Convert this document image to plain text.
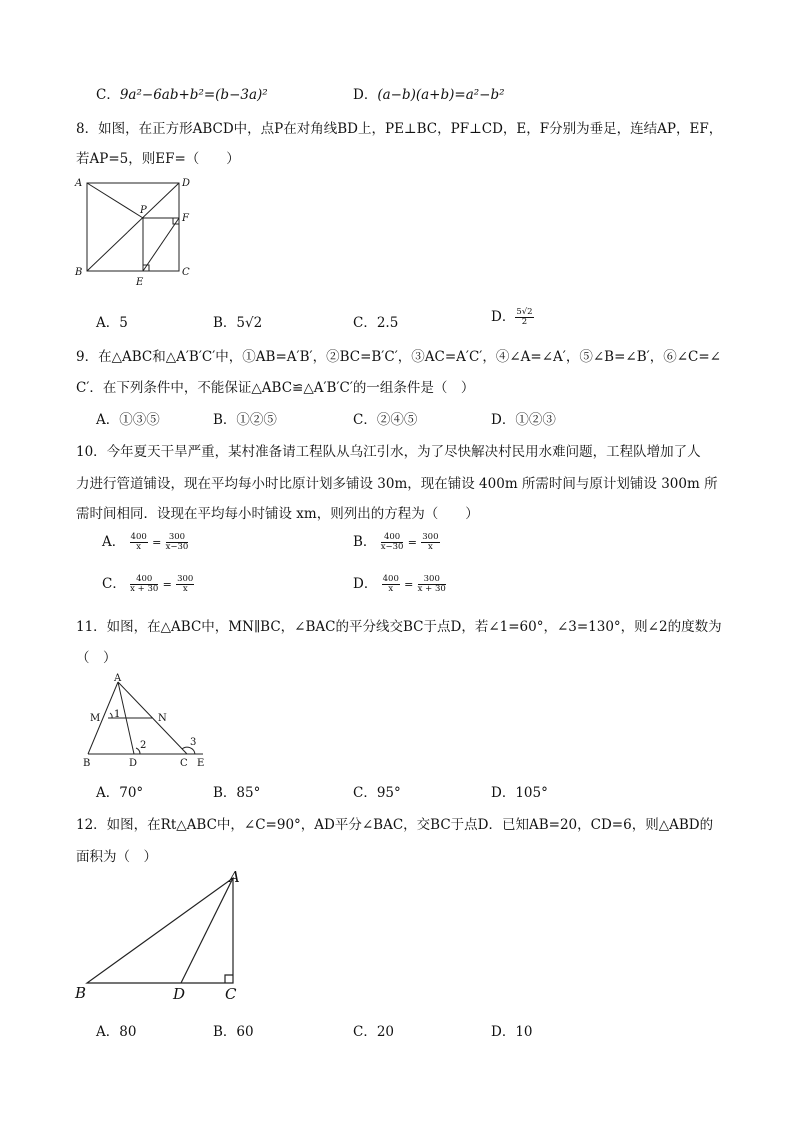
C．9a²−6ab+b²=(b−3a)²	D．(a−b)(a+b)=a²−b²
8．如图，在正方形ABCD中，点P在对角线BD上，PE⊥BC，PF⊥CD，E，F分别为垂足，连结AP，EF，
若AP=5，则EF=（　　）
A	D
P
F
B
E
C
A．5	B．5√2	C．2.5	D． $\frac{5√2}{2}$
9．在△ABC和△A′B′C′中，①AB=A′B′，②BC=B′C′，③AC=A′C′，④∠A=∠A′，⑤∠B=∠B′，⑥∠C=∠
C′．在下列条件中，不能保证△ABC≌△A′B′C′的一组条件是（　）
A．①③⑤	B．①②⑤	C．②④⑤	D．①②③
10．今年夏天干旱严重，某村准备请工程队从乌江引水，为了尽快解决村民用水难问题，工程队增加了人
力进行管道铺设，现在平均每小时比原计划多铺设 30m，现在铺设 400m 所需时间与原计划铺设 300m 所
需时间相同．设现在平均每小时铺设 xm，则列出的方程为（　　）
A． $\frac{400}{x} = \frac{300}{x-30}$	B． $\frac{400}{x-30} = \frac{300}{x}$
C． $\frac{400}{x + 30} = \frac{300}{x}$	D． $\frac{400}{x} = \frac{300}{x + 30}$
11．如图，在△ABC中，MN∥BC，∠BAC的平分线交BC于点D，若∠1=60°，∠3=130°，则∠2的度数为
（　）
A
M	N
1
2	3
B	D	C E
A．70°	B．85°	C．95°	D．105°
12．如图，在Rt△ABC中，∠C=90°，AD平分∠BAC，交BC于点D．已知AB=20，CD=6，则△ABD的
面积为（　）
A
B	D	C
A．80	B．60	C．20	D．10
